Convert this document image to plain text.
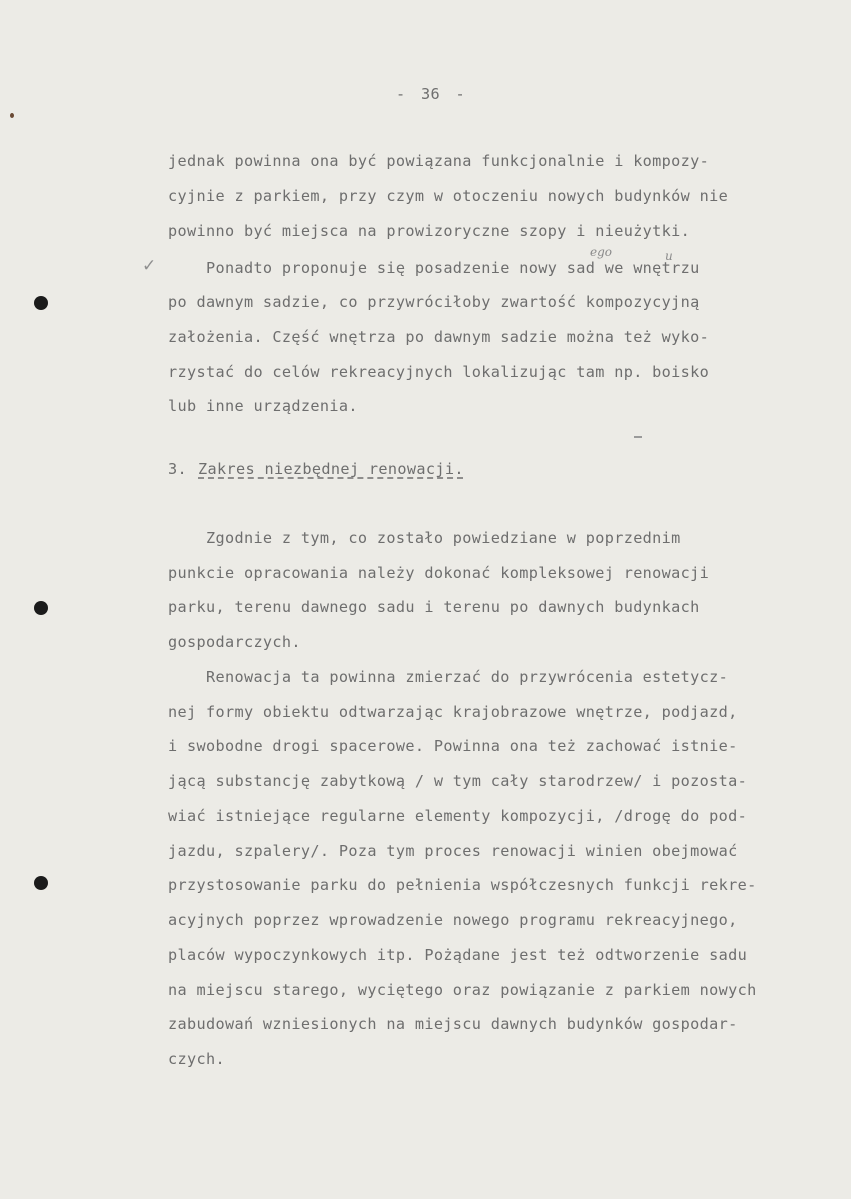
- 36 -
✓
jednak powinna ona być powiązana funkcjonalnie i kompozy-
cyjnie z parkiem, przy czym w otoczeniu nowych budynków nie
powinno być miejsca na prowizoryczne szopy i nieużytki.
ego	u
Ponadto proponuje się posadzenie nowy sad we wnętrzu
po dawnym sadzie, co przywróciłoby zwartość kompozycyjną
założenia. Część wnętrza po dawnym sadzie można też wyko-
rzystać do celów rekreacyjnych lokalizując tam np. boisko
lub inne urządzenia.
3. Zakres niezbędnej renowacji.
Zgodnie z tym, co zostało powiedziane w poprzednim
punkcie opracowania należy dokonać kompleksowej renowacji
parku, terenu dawnego sadu i terenu po dawnych budynkach
gospodarczych.
Renowacja ta powinna zmierzać do przywrócenia estetycz-
nej formy obiektu odtwarzając krajobrazowe wnętrze, podjazd,
i swobodne drogi spacerowe. Powinna ona też zachować istnie-
jącą substancję zabytkową / w tym cały starodrzew/ i pozosta-
wiać istniejące regularne elementy kompozycji, /drogę do pod-
jazdu, szpalery/. Poza tym proces renowacji winien obejmować
przystosowanie parku do pełnienia współczesnych funkcji rekre-
acyjnych poprzez wprowadzenie nowego programu rekreacyjnego,
placów wypoczynkowych itp. Pożądane jest też odtworzenie sadu
na miejscu starego, wyciętego oraz powiązanie z parkiem nowych
zabudowań wzniesionych na miejscu dawnych budynków gospodar-
czych.
